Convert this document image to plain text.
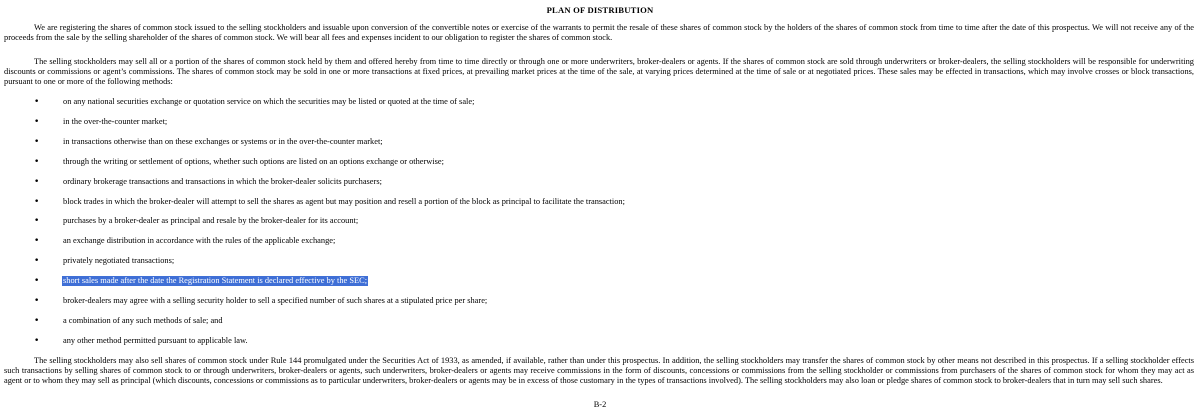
PLAN OF DISTRIBUTION

We are registering the shares of common stock issued to the selling stockholders and issuable upon conversion of the convertible notes or exercise of the warrants to permit the resale of these shares of common stock by the holders of the shares of common stock from time to time after the date of this prospectus. We will not receive any of the proceeds from the sale by the selling shareholder of the shares of common stock. We will bear all fees and expenses incident to our obligation to register the shares of common stock.

The selling stockholders may sell all or a portion of the shares of common stock held by them and offered hereby from time to time directly or through one or more underwriters, broker-dealers or agents. If the shares of common stock are sold through underwriters or broker-dealers, the selling stockholders will be responsible for underwriting discounts or commissions or agent’s commissions. The shares of common stock may be sold in one or more transactions at fixed prices, at prevailing market prices at the time of the sale, at varying prices determined at the time of sale or at negotiated prices. These sales may be effected in transactions, which may involve crosses or block transactions, pursuant to one or more of the following methods:

•	on any national securities exchange or quotation service on which the securities may be listed or quoted at the time of sale;
•	in the over-the-counter market;
•	in transactions otherwise than on these exchanges or systems or in the over-the-counter market;
•	through the writing or settlement of options, whether such options are listed on an options exchange or otherwise;
•	ordinary brokerage transactions and transactions in which the broker-dealer solicits purchasers;
•	block trades in which the broker-dealer will attempt to sell the shares as agent but may position and resell a portion of the block as principal to facilitate the transaction;
•	purchases by a broker-dealer as principal and resale by the broker-dealer for its account;
•	an exchange distribution in accordance with the rules of the applicable exchange;
•	privately negotiated transactions;
•	short sales made after the date the Registration Statement is declared effective by the SEC;
•	broker-dealers may agree with a selling security holder to sell a specified number of such shares at a stipulated price per share;
•	a combination of any such methods of sale; and
•	any other method permitted pursuant to applicable law.

The selling stockholders may also sell shares of common stock under Rule 144 promulgated under the Securities Act of 1933, as amended, if available, rather than under this prospectus. In addition, the selling stockholders may transfer the shares of common stock by other means not described in this prospectus. If a selling stockholder effects such transactions by selling shares of common stock to or through underwriters, broker-dealers or agents, such underwriters, broker-dealers or agents may receive commissions in the form of discounts, concessions or commissions from the selling stockholder or commissions from purchasers of the shares of common stock for whom they may act as agent or to whom they may sell as principal (which discounts, concessions or commissions as to particular underwriters, broker-dealers or agents may be in excess of those customary in the types of transactions involved). The selling stockholders may also loan or pledge shares of common stock to broker-dealers that in turn may sell such shares.

B-2
